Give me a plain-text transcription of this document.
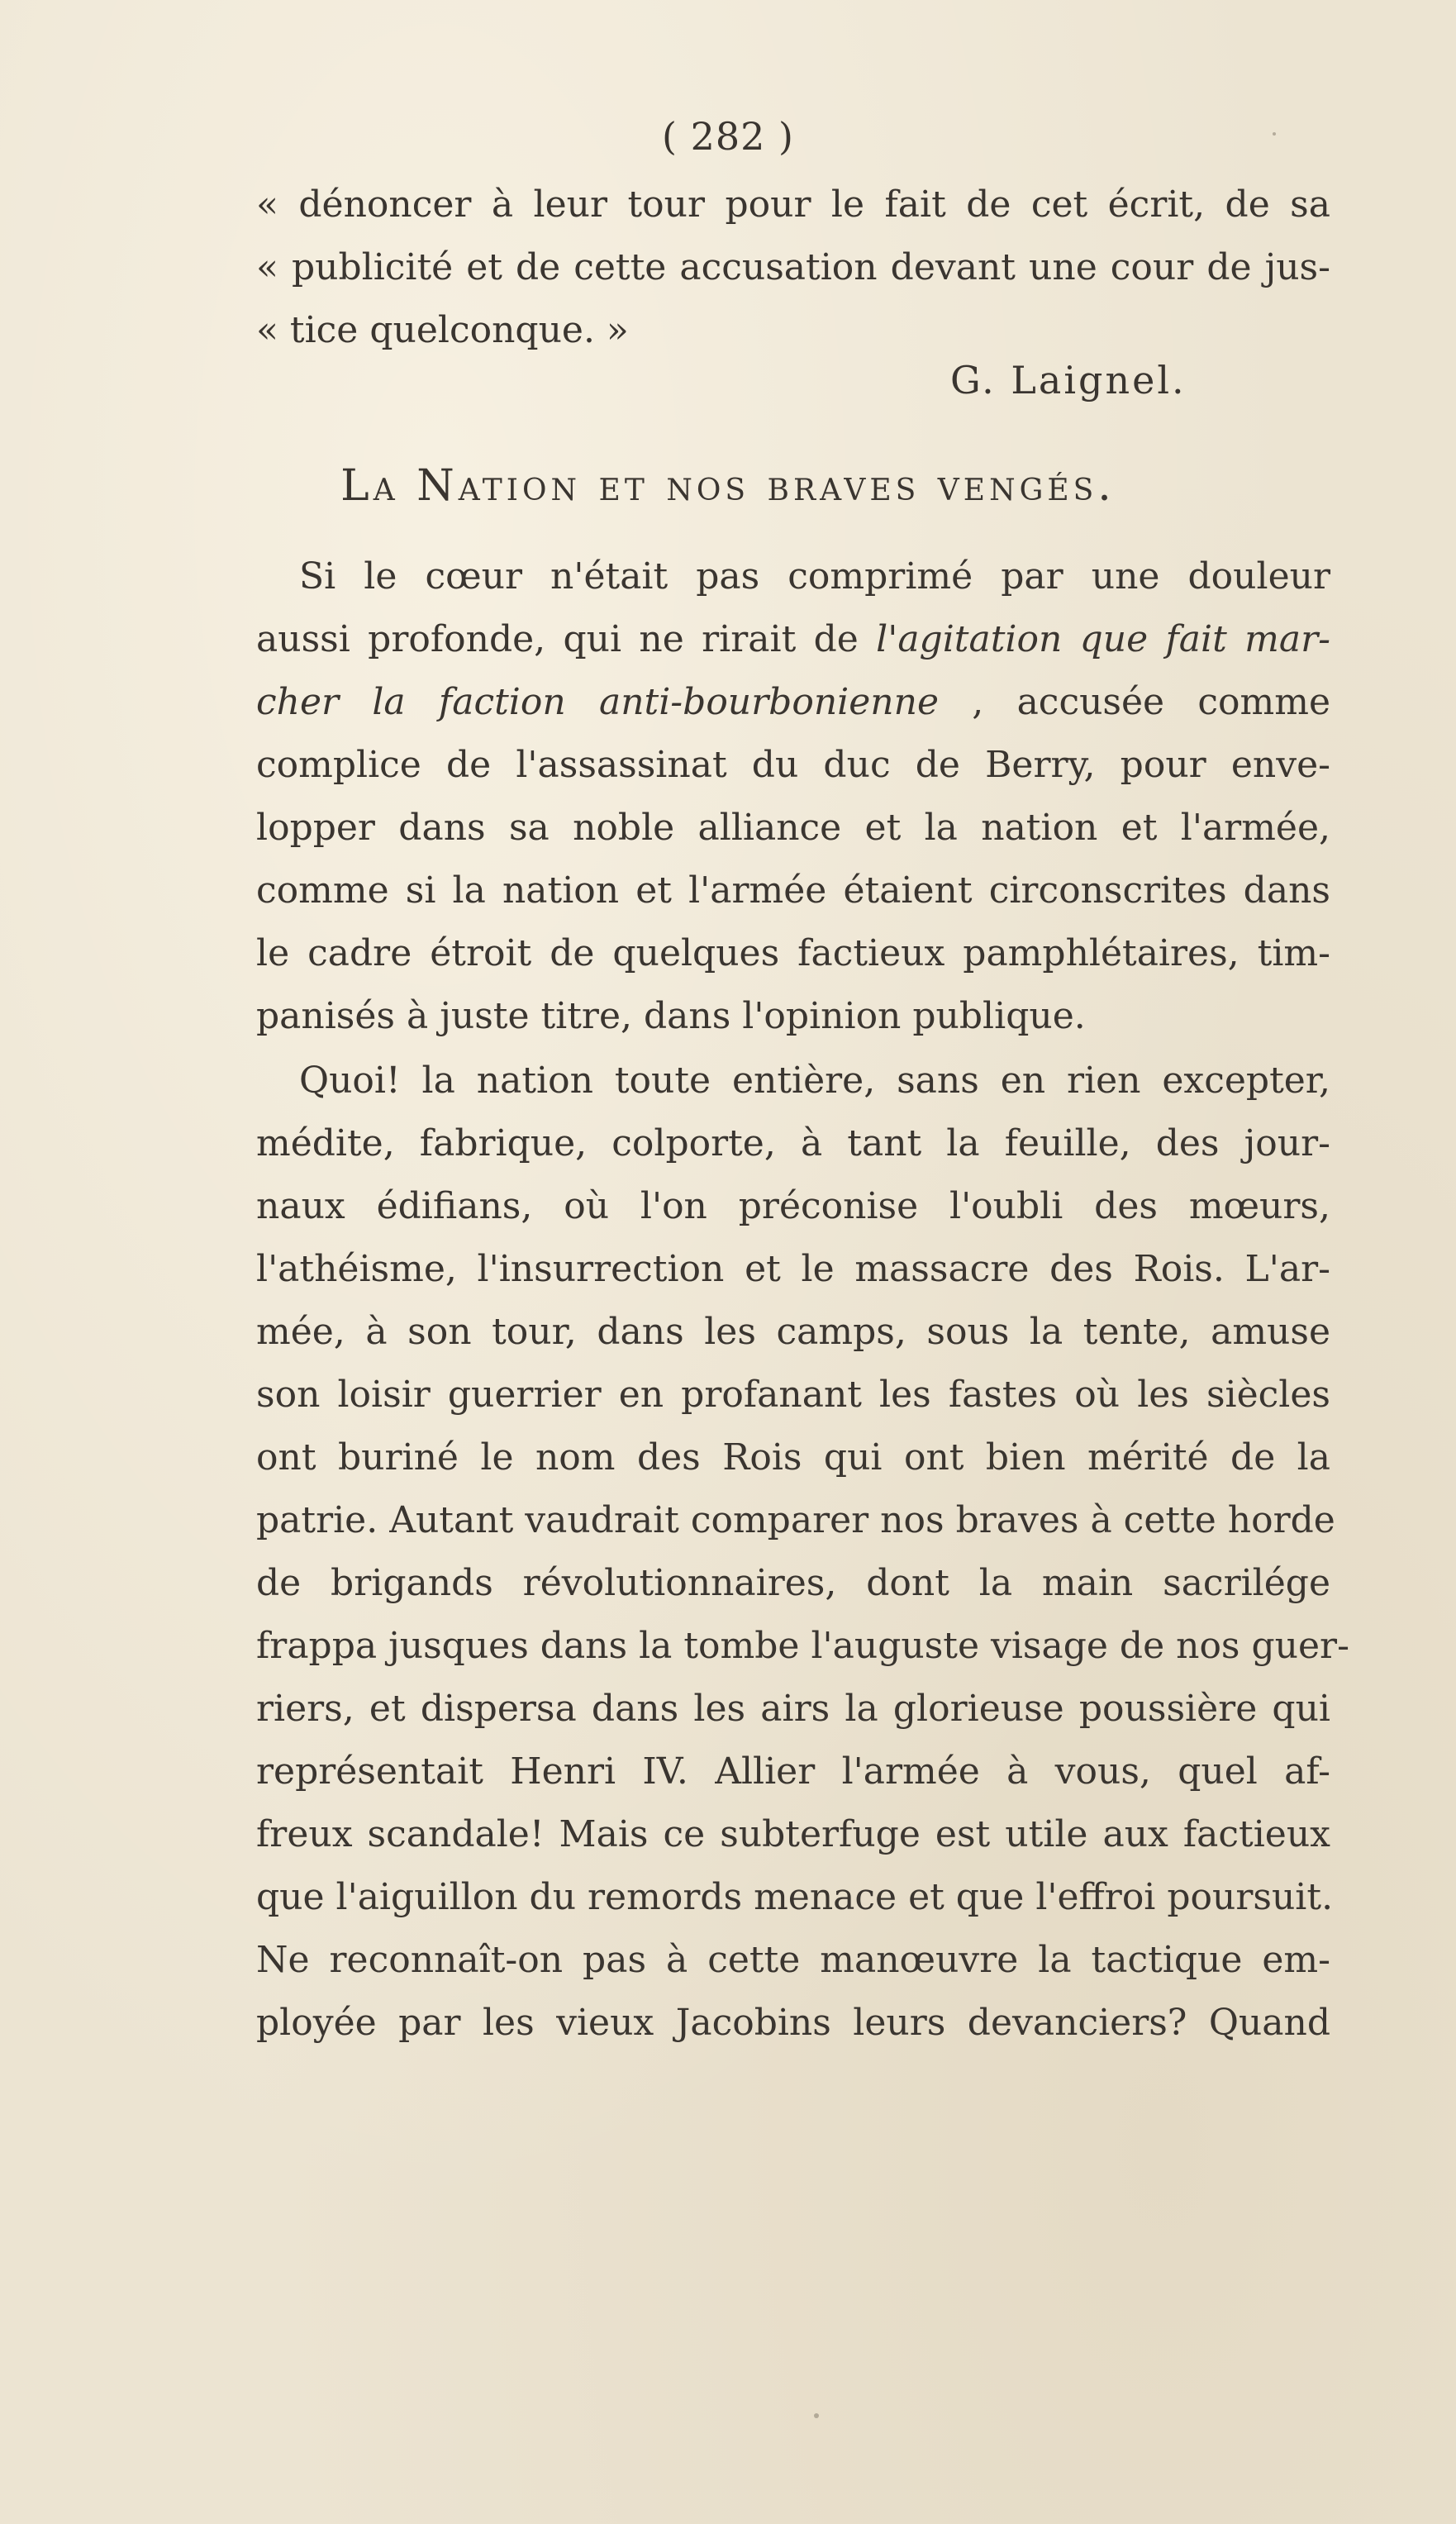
( 282 )
« dénoncer à leur tour pour le fait de cet écrit, de sa
« publicité et de cette accusation devant une cour de jus-
« tice quelconque. »
G. Laignel.
La Nation et nos braves vengés.
Si le cœur n'était pas comprimé par une douleur
aussi profonde, qui ne rirait de l'agitation que fait mar-
cher la faction anti-bourbonienne , accusée comme
complice de l'assassinat du duc de Berry, pour enve-
lopper dans sa noble alliance et la nation et l'armée,
comme si la nation et l'armée étaient circonscrites dans
le cadre étroit de quelques factieux pamphlétaires, tim-
panisés à juste titre, dans l'opinion publique.
Quoi! la nation toute entière, sans en rien excepter,
médite, fabrique, colporte, à tant la feuille, des jour-
naux édifians, où l'on préconise l'oubli des mœurs,
l'athéisme, l'insurrection et le massacre des Rois. L'ar-
mée, à son tour, dans les camps, sous la tente, amuse
son loisir guerrier en profanant les fastes où les siècles
ont buriné le nom des Rois qui ont bien mérité de la
patrie. Autant vaudrait comparer nos braves à cette horde
de brigands révolutionnaires, dont la main sacrilége
frappa jusques dans la tombe l'auguste visage de nos guer-
riers, et dispersa dans les airs la glorieuse poussière qui
représentait Henri IV. Allier l'armée à vous, quel af-
freux scandale! Mais ce subterfuge est utile aux factieux
que l'aiguillon du remords menace et que l'effroi poursuit.
Ne reconnaît-on pas à cette manœuvre la tactique em-
ployée par les vieux Jacobins leurs devanciers? Quand
